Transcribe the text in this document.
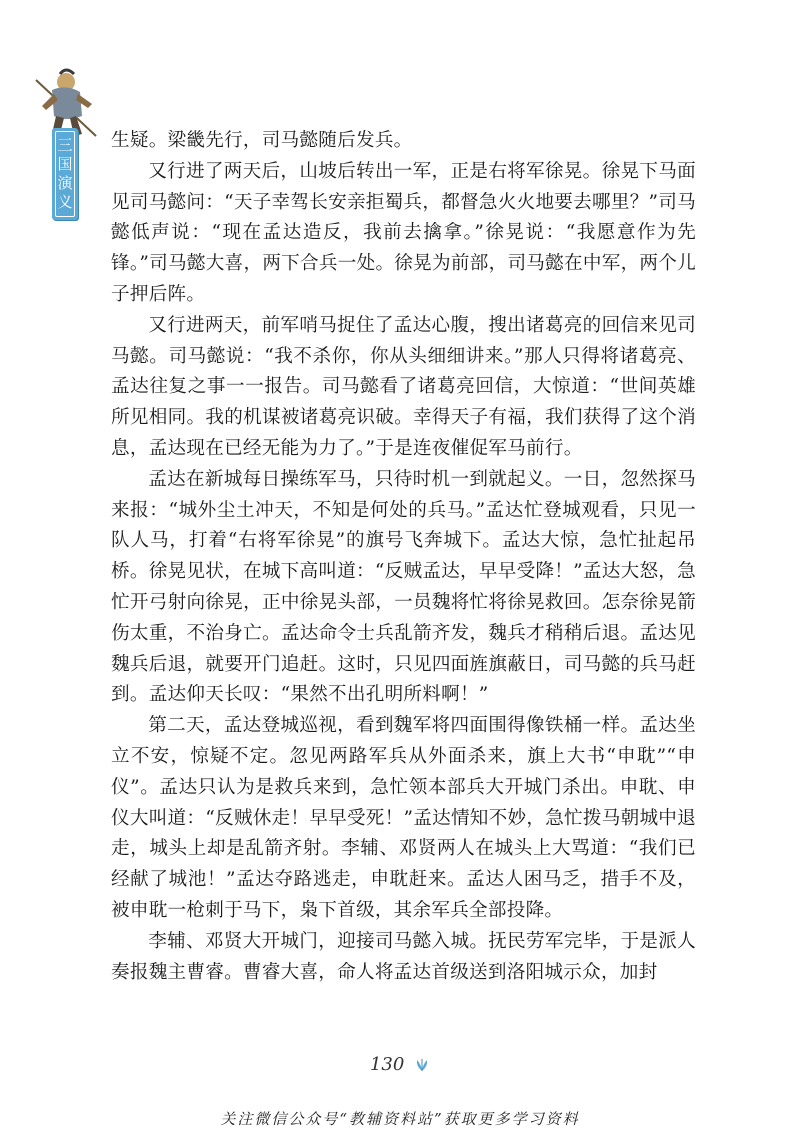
三
国
演
义

生疑。梁畿先行，司马懿随后发兵。

又行进了两天后，山坡后转出一军，正是右将军徐晃。徐晃下马面见司马懿问：“天子幸驾长安亲拒蜀兵，都督急火火地要去哪里？”司马懿低声说：“现在孟达造反，我前去擒拿。”徐晃说：“我愿意作为先锋。”司马懿大喜，两下合兵一处。徐晃为前部，司马懿在中军，两个儿子押后阵。

又行进两天，前军哨马捉住了孟达心腹，搜出诸葛亮的回信来见司马懿。司马懿说：“我不杀你，你从头细细讲来。”那人只得将诸葛亮、孟达往复之事一一报告。司马懿看了诸葛亮回信，大惊道：“世间英雄所见相同。我的机谋被诸葛亮识破。幸得天子有福，我们获得了这个消息，孟达现在已经无能为力了。”于是连夜催促军马前行。

孟达在新城每日操练军马，只待时机一到就起义。一日，忽然探马来报：“城外尘土冲天，不知是何处的兵马。”孟达忙登城观看，只见一队人马，打着“右将军徐晃”的旗号飞奔城下。孟达大惊，急忙扯起吊桥。徐晃见状，在城下高叫道：“反贼孟达，早早受降！”孟达大怒，急忙开弓射向徐晃，正中徐晃头部，一员魏将忙将徐晃救回。怎奈徐晃箭伤太重，不治身亡。孟达命令士兵乱箭齐发，魏兵才稍稍后退。孟达见魏兵后退，就要开门追赶。这时，只见四面旌旗蔽日，司马懿的兵马赶到。孟达仰天长叹：“果然不出孔明所料啊！”

第二天，孟达登城巡视，看到魏军将四面围得像铁桶一样。孟达坐立不安，惊疑不定。忽见两路军兵从外面杀来，旗上大书“申耽”“申仪”。孟达只认为是救兵来到，急忙领本部兵大开城门杀出。申耽、申仪大叫道：“反贼休走！早早受死！”孟达情知不妙，急忙拨马朝城中退走，城头上却是乱箭齐射。李辅、邓贤两人在城头上大骂道：“我们已经献了城池！”孟达夺路逃走，申耽赶来。孟达人困马乏，措手不及，被申耽一枪刺于马下，枭下首级，其余军兵全部投降。

李辅、邓贤大开城门，迎接司马懿入城。抚民劳军完毕，于是派人奏报魏主曹睿。曹睿大喜，命人将孟达首级送到洛阳城示众，加封

130
关注微信公众号“教辅资料站”获取更多学习资料
